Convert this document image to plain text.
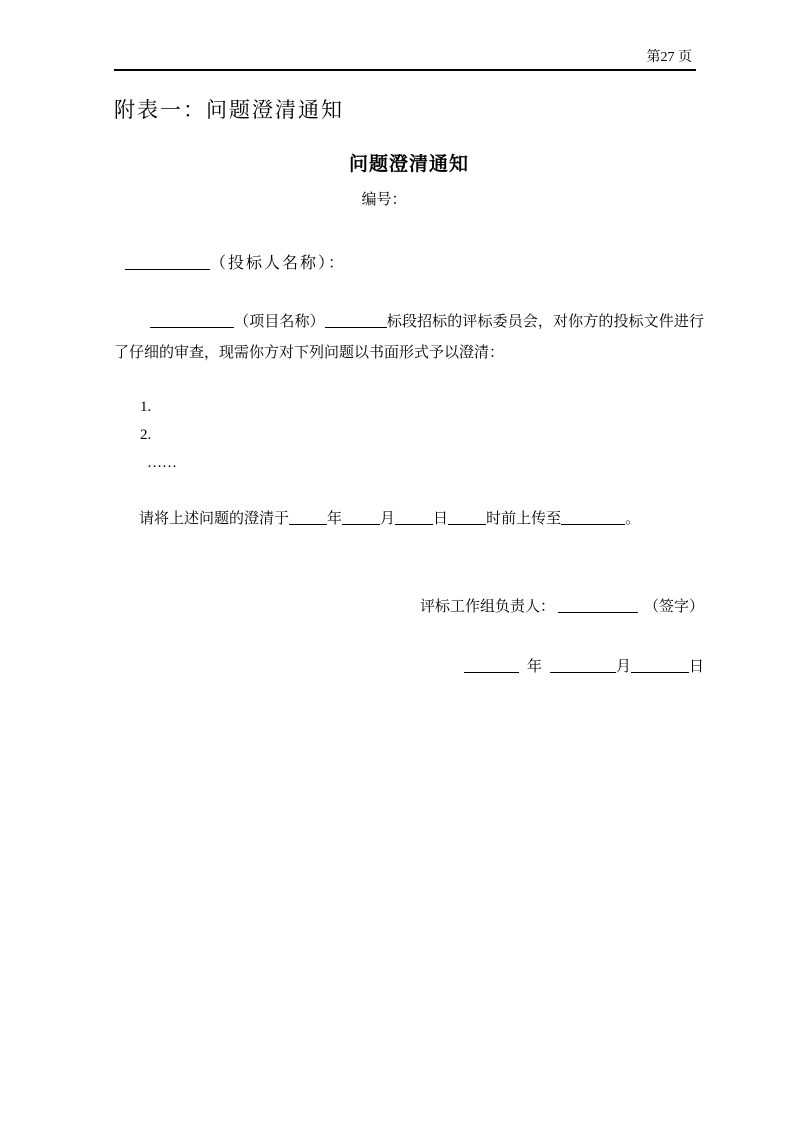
第27 页

附表一：问题澄清通知

问题澄清通知

编号：

（投标人名称）：

（项目名称）	标段招标的评标委员会，对你方的投标文件进行了仔细的审查，现需你方对下列问题以书面形式予以澄清：

1.

2.

……

请将上述问题的澄清于	年	月	日	时前上传至	。

评标工作组负责人：	（签字）

年	月	日
